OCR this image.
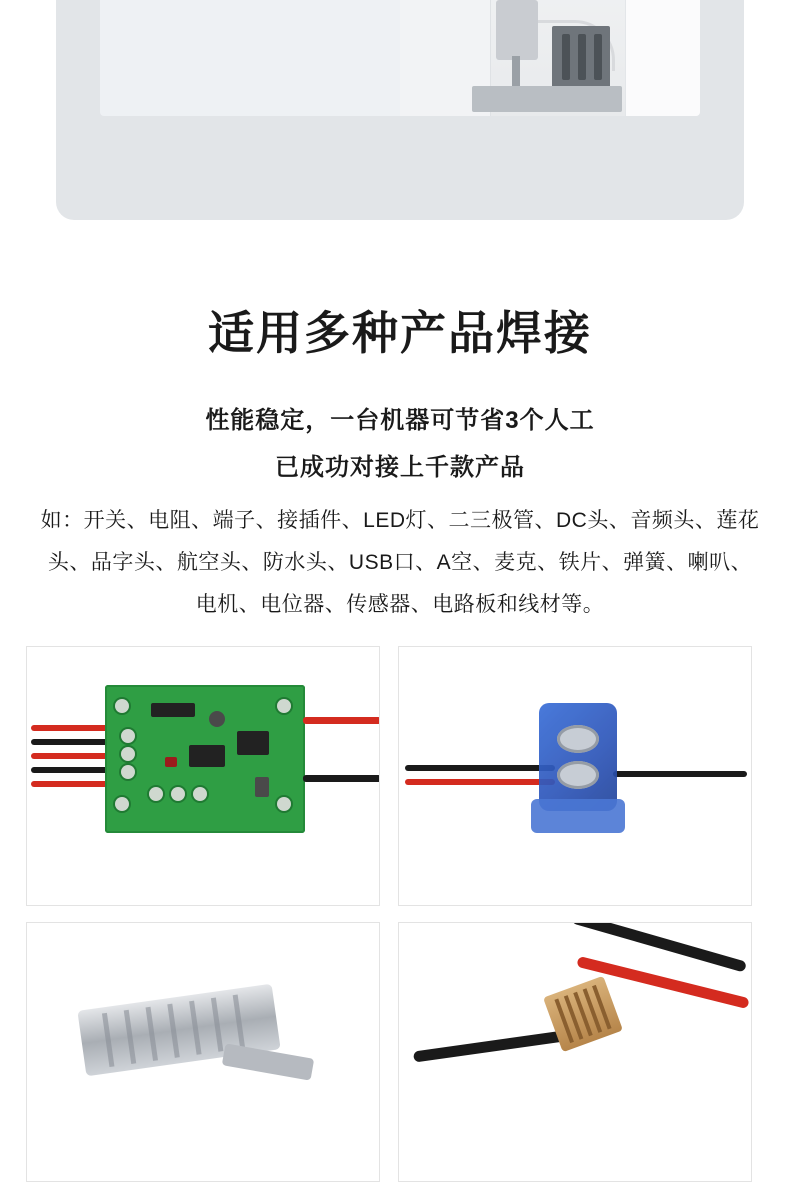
适用多种产品焊接
性能稳定，一台机器可节省3个人工
已成功对接上千款产品
如：开关、电阻、端子、接插件、LED灯、二三极管、DC头、音频头、莲花头、品字头、航空头、防水头、USB口、A空、麦克、铁片、弹簧、喇叭、电机、电位器、传感器、电路板和线材等。
